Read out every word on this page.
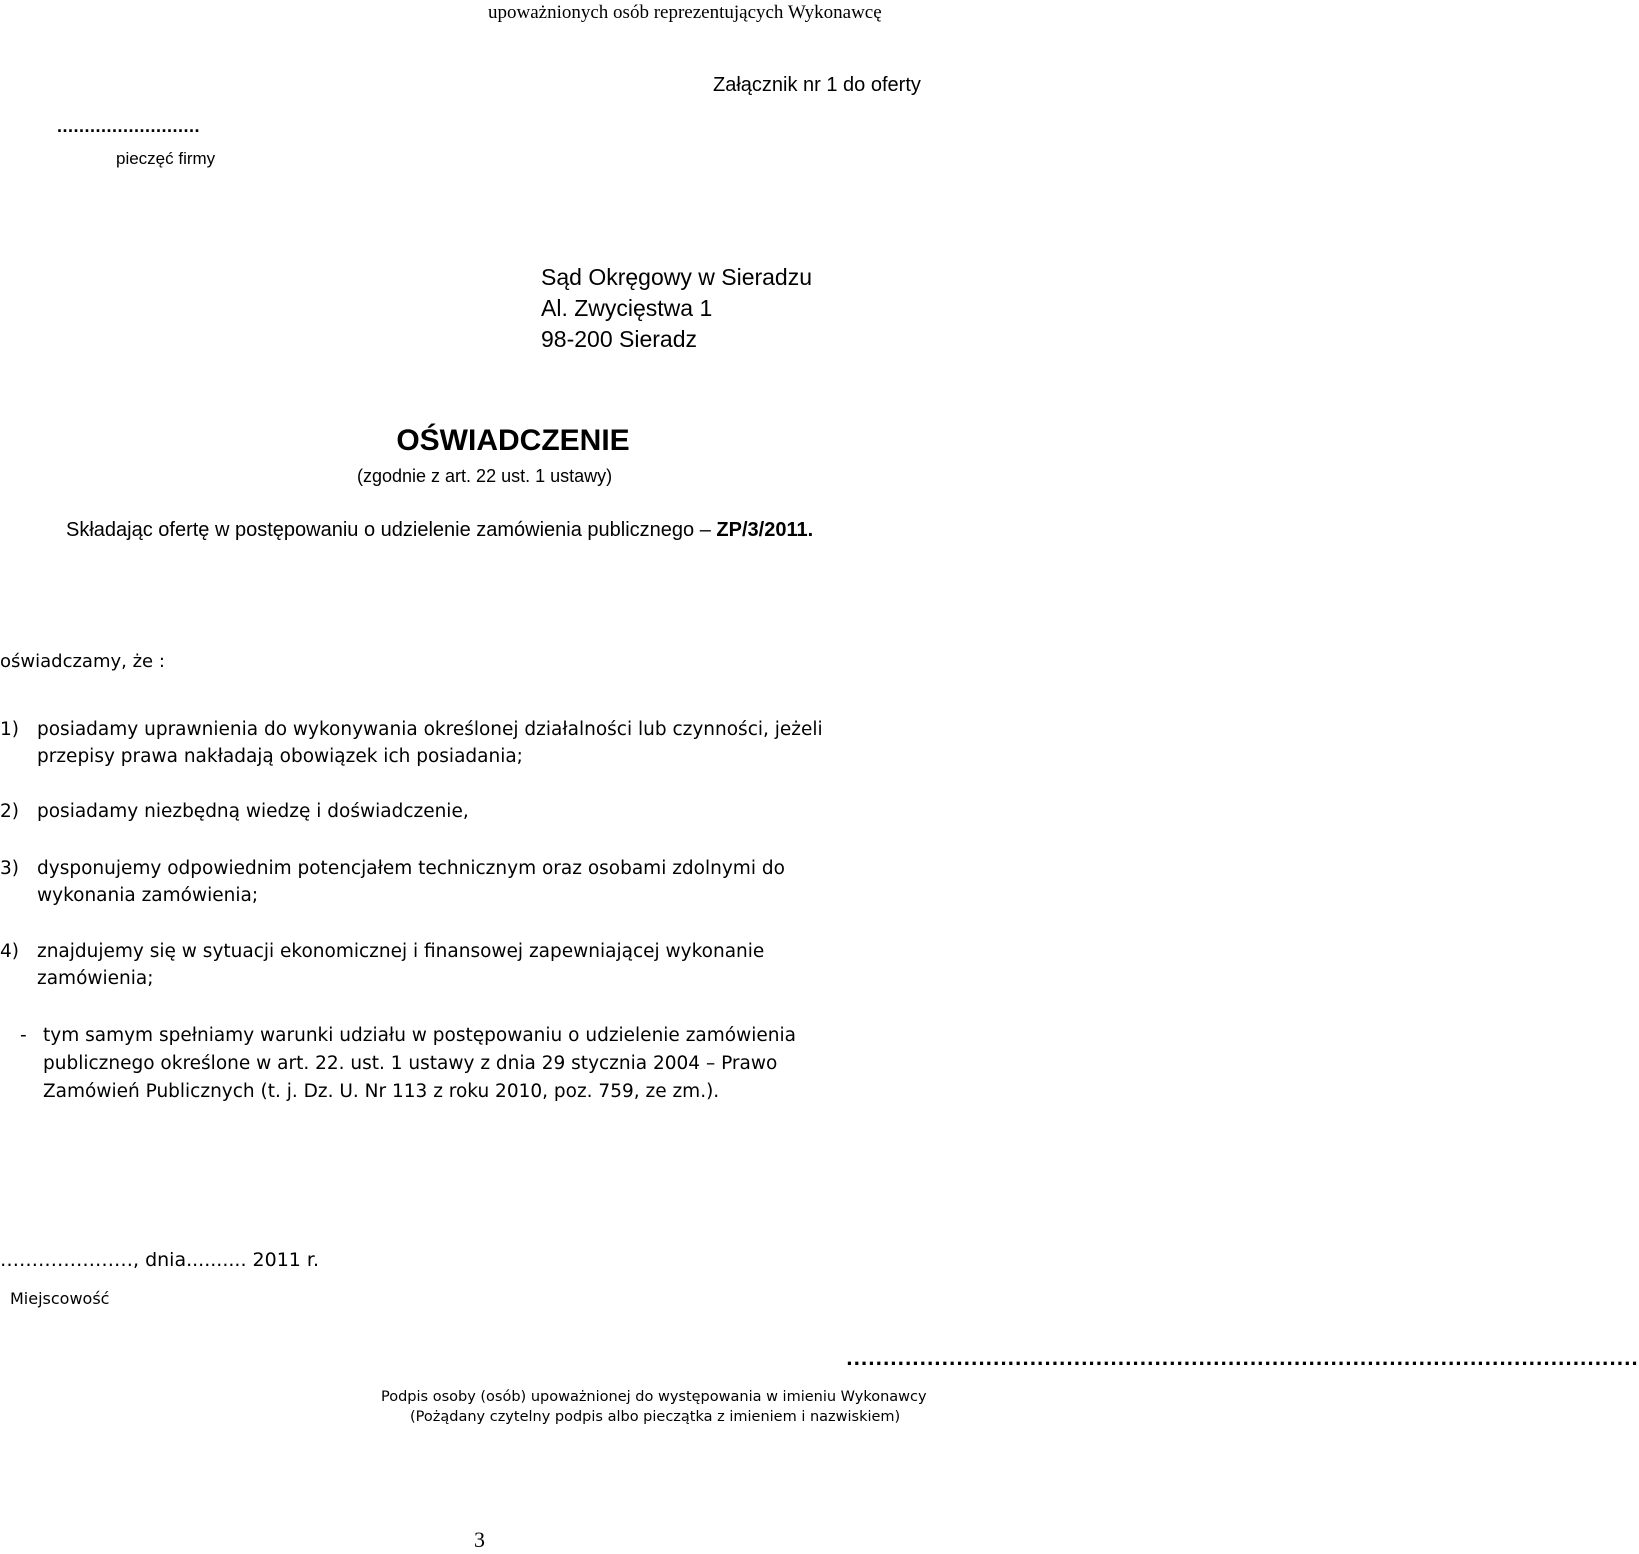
upoważnionych osób reprezentujących Wykonawcę
Załącznik nr 1 do oferty
..........................
pieczęć firmy
Sąd Okręgowy w Sieradzu
Al. Zwycięstwa 1
98-200 Sieradz
OŚWIADCZENIE
(zgodnie z art. 22 ust. 1 ustawy)
Składając ofertę w postępowaniu o udzielenie zamówienia publicznego – ZP/3/2011.
oświadczamy, że :
1) posiadamy uprawnienia do wykonywania określonej działalności lub czynności, jeżeli
przepisy prawa nakładają obowiązek ich posiadania;
2) posiadamy niezbędną wiedzę i doświadczenie,
3) dysponujemy odpowiednim potencjałem technicznym oraz osobami zdolnymi do
wykonania zamówienia;
4) znajdujemy się w sytuacji ekonomicznej i finansowej zapewniającej wykonanie
zamówienia;
- tym samym spełniamy warunki udziału w postępowaniu o udzielenie zamówienia
publicznego określone w art. 22. ust. 1 ustawy z dnia 29 stycznia 2004 – Prawo
Zamówień Publicznych (t. j. Dz. U. Nr 113 z roku 2010, poz. 759, ze zm.).
…………………, dnia.......... 2011 r.
Miejscowość
............................................................................................................
Podpis osoby (osób) upoważnionej do występowania w imieniu Wykonawcy
(Pożądany czytelny podpis albo pieczątka z imieniem i nazwiskiem)
3
